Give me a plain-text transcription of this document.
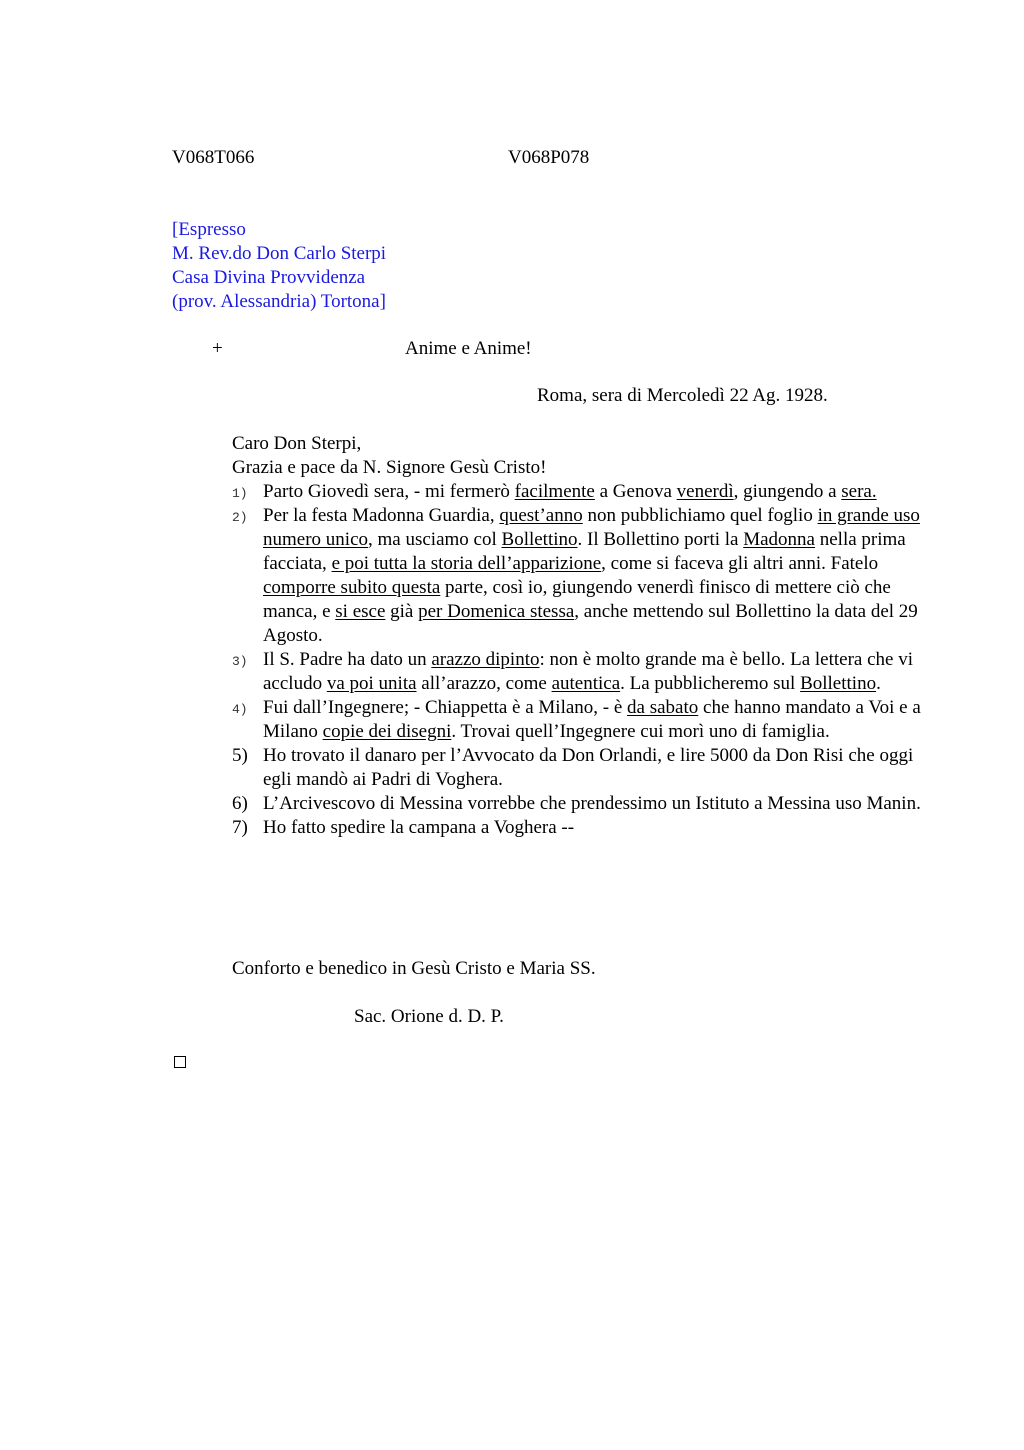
V068T066	V068P078
[Espresso
M. Rev.do Don Carlo Sterpi
Casa Divina Provvidenza
(prov. Alessandria) Tortona]
+	Anime e Anime!
Roma, sera di Mercoledì 22 Ag. 1928.
Caro Don Sterpi,
Grazia e pace da N. Signore Gesù Cristo!
1) Parto Giovedì sera, - mi fermerò facilmente a Genova venerdì, giungendo a sera.
2) Per la festa Madonna Guardia, quest’anno non pubblichiamo quel foglio in grande uso numero unico, ma usciamo col Bollettino. Il Bollettino porti la Madonna nella prima facciata, e poi tutta la storia dell’apparizione, come si faceva gli altri anni. Fatelo comporre subito questa parte, così io, giungendo venerdì finisco di mettere ciò che manca, e si esce già per Domenica stessa, anche mettendo sul Bollettino la data del 29 Agosto.
3) Il S. Padre ha dato un arazzo dipinto: non è molto grande ma è bello. La lettera che vi accludo va poi unita all’arazzo, come autentica. La pubblicheremo sul Bollettino.
4) Fui dall’Ingegnere; - Chiappetta è a Milano, - è da sabato che hanno mandato a Voi e a Milano copie dei disegni. Trovai quell’Ingegnere cui morì uno di famiglia.
5) Ho trovato il danaro per l’Avvocato da Don Orlandi, e lire 5000 da Don Risi che oggi egli mandò ai Padri di Voghera.
6) L’Arcivescovo di Messina vorrebbe che prendessimo un Istituto a Messina uso Manin.
7) Ho fatto spedire la campana a Voghera --
Conforto e benedico in Gesù Cristo e Maria SS.
Sac. Orione d. D. P.
